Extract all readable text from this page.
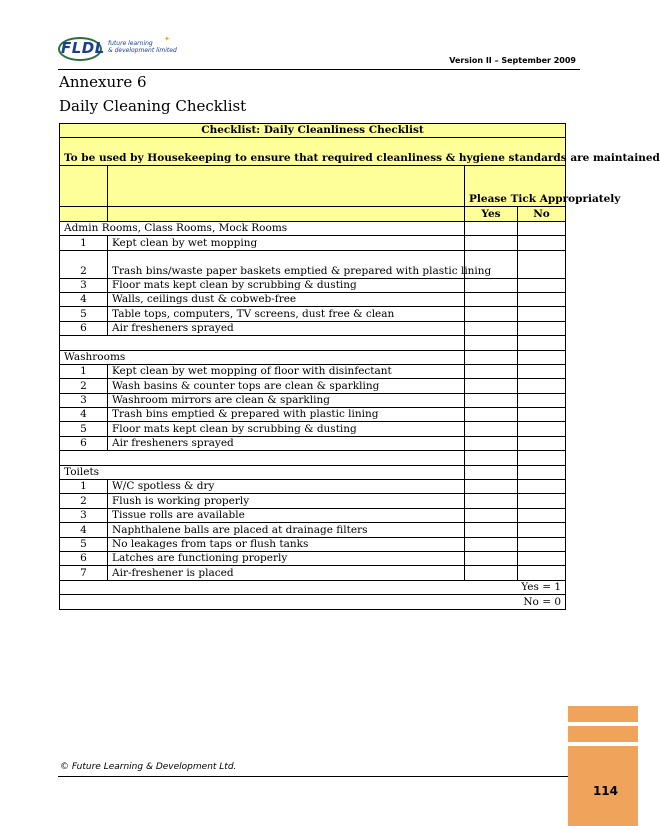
FLDL	✦
future learning
& development limited
Version II – September 2009
Annexure 6
Daily Cleaning Checklist
Checklist: Daily Cleanliness Checklist			
To be used by Housekeeping to ensure that required cleanliness & hygiene standards are maintained			
		Please Tick Appropriately	
		Yes	No
Admin Rooms, Class Rooms, Mock Rooms			
1	Kept clean by wet mopping		
2	Trash bins/waste paper baskets emptied & prepared with plastic lining		
3	Floor mats kept clean by scrubbing & dusting		
4	Walls, ceilings dust & cobweb-free		
5	Table tops, computers, TV screens, dust free & clean		
6	Air fresheners sprayed		

Washrooms			
1	Kept clean by wet mopping of floor with disinfectant		
2	Wash basins & counter tops are clean & sparkling		
3	Washroom mirrors are clean & sparkling		
4	Trash bins emptied & prepared with plastic lining		
5	Floor mats kept clean by scrubbing & dusting		
6	Air fresheners sprayed		

Toilets			
1	W/C spotless & dry		
2	Flush is working properly		
3	Tissue rolls are available		
4	Naphthalene balls are placed at drainage filters		
5	No leakages from taps or flush tanks		
6	Latches are functioning properly		
7	Air-freshener is placed		
Yes = 1			
No = 0			
© Future Learning & Development Ltd.
114
